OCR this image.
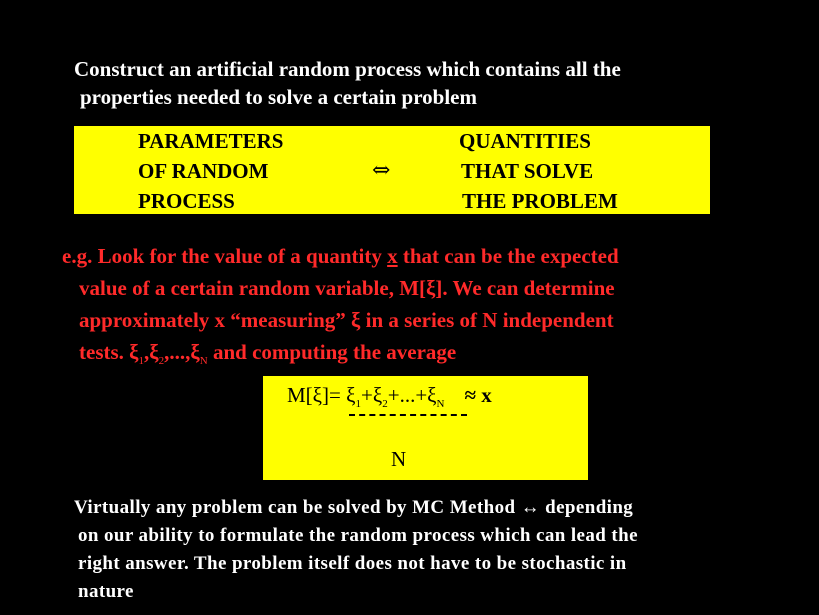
Construct an artificial random process which contains all the
properties needed to solve a certain problem
PARAMETERS
OF RANDOM
PROCESS
⇔
QUANTITIES
THAT SOLVE
THE PROBLEM
e.g. Look for the value of a quantity x that can be the expected
value of a certain random variable, M[ξ]. We can determine
approximately x “measuring” ξ in a series of N independent
tests. $\xi_1,\xi_2,...,\xi_N$ and computing the average
$M[\xi]= \xi_1+\xi_2+...+\xi_N \approx x$
N
Virtually any problem can be solved by MC Method ↔ depending
on our ability to formulate the random process which can lead the
right answer. The problem itself does not have to be stochastic in
nature
